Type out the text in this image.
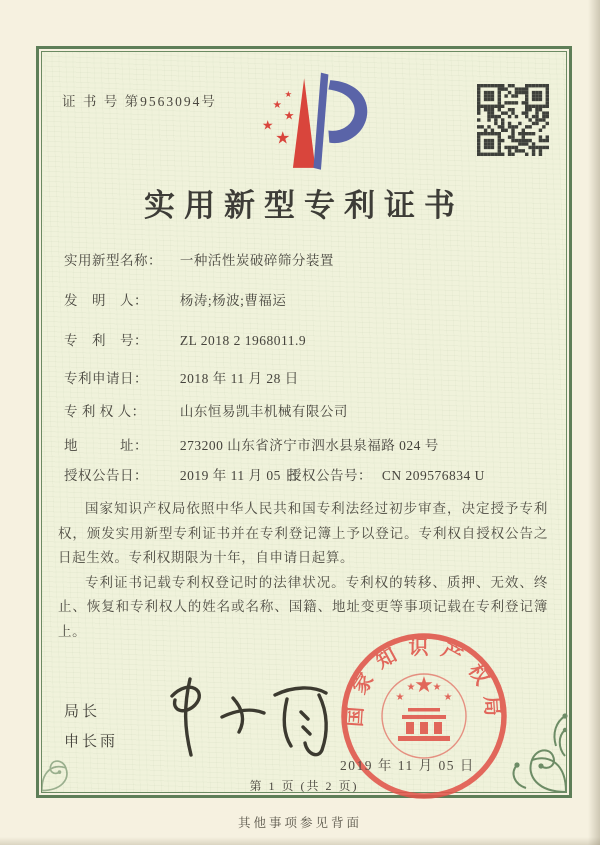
证 书 号 第9563094号	★
★
★
★
★
实用新型专利证书
实用新型名称： 一种活性炭破碎筛分装置
发　明　人： 杨涛;杨波;曹福运
专　利　号： ZL 2018 2 1968011.9
专利申请日： 2018 年 11 月 28 日
专 利 权 人：	山东恒易凯丰机械有限公司
地　　　址： 273200 山东省济宁市泗水县泉福路 024 号
授权公告日： 2019 年 11 月 05 日
授权公告号： CN 209576834 U

国家知识产权局依照中华人民共和国专利法经过初步审查，决定授予专利权，颁发实用新型专利证书并在专利登记簿上予以登记。专利权自授权公告之日起生效。专利权期限为十年，自申请日起算。

专利证书记载专利权登记时的法律状况。专利权的转移、质押、无效、终止、恢复和专利权人的姓名或名称、国籍、地址变更等事项记载在专利登记簿上。

局长
申长雨
国家知识产权局
★
★
★ ★
★
2019 年 11 月 05 日
第 1 页 (共 2 页)
其他事项参见背面
